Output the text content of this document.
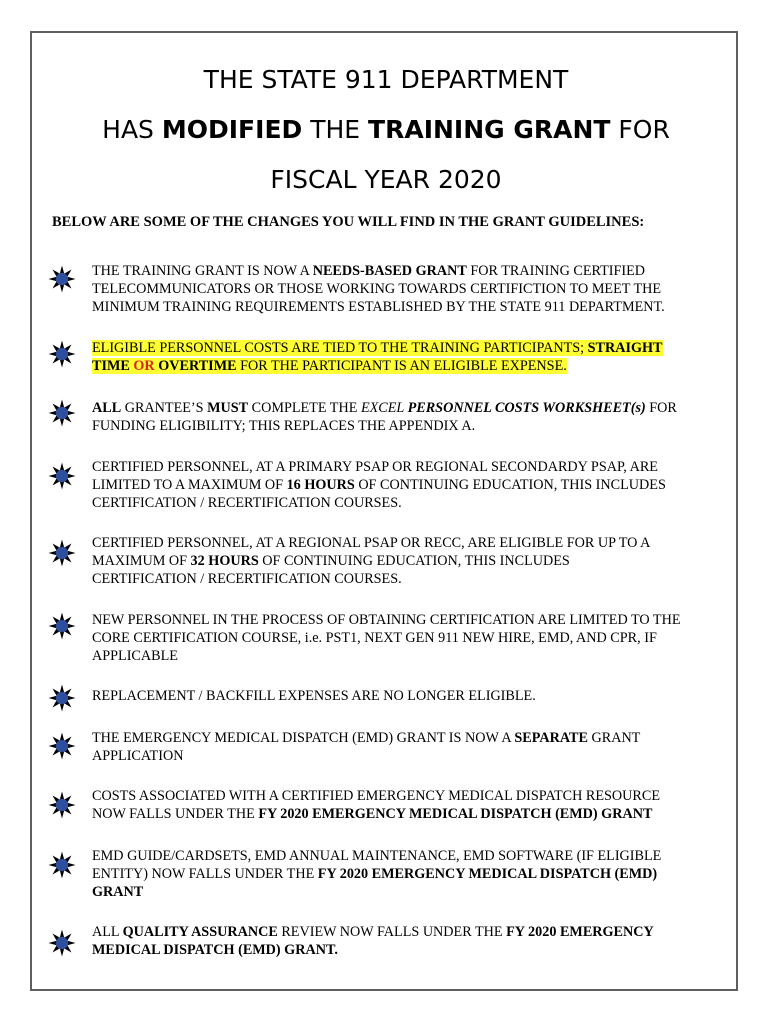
THE STATE 911 DEPARTMENT
HAS MODIFIED THE TRAINING GRANT FOR
FISCAL YEAR 2020

BELOW ARE SOME OF THE CHANGES YOU WILL FIND IN THE GRANT GUIDELINES:

THE TRAINING GRANT IS NOW A NEEDS-BASED GRANT FOR TRAINING CERTIFIED
TELECOMMUNICATORS OR THOSE WORKING TOWARDS CERTIFICTION TO MEET THE
MINIMUM TRAINING REQUIREMENTS ESTABLISHED BY THE STATE 911 DEPARTMENT.

ELIGIBLE PERSONNEL COSTS ARE TIED TO THE TRAINING PARTICIPANTS; STRAIGHT
TIME OR OVERTIME FOR THE PARTICIPANT IS AN ELIGIBLE EXPENSE.

ALL GRANTEE’S MUST COMPLETE THE EXCEL PERSONNEL COSTS WORKSHEET(s) FOR
FUNDING ELIGIBILITY; THIS REPLACES THE APPENDIX A.

CERTIFIED PERSONNEL, AT A PRIMARY PSAP OR REGIONAL SECONDARDY PSAP, ARE
LIMITED TO A MAXIMUM OF 16 HOURS OF CONTINUING EDUCATION, THIS INCLUDES
CERTIFICATION / RECERTIFICATION COURSES.

CERTIFIED PERSONNEL, AT A REGIONAL PSAP OR RECC, ARE ELIGIBLE FOR UP TO A
MAXIMUM OF 32 HOURS OF CONTINUING EDUCATION, THIS INCLUDES
CERTIFICATION / RECERTIFICATION COURSES.

NEW PERSONNEL IN THE PROCESS OF OBTAINING CERTIFICATION ARE LIMITED TO THE
CORE CERTIFICATION COURSE, i.e. PST1, NEXT GEN 911 NEW HIRE, EMD, AND CPR, IF
APPLICABLE

REPLACEMENT / BACKFILL EXPENSES ARE NO LONGER ELIGIBLE.

THE EMERGENCY MEDICAL DISPATCH (EMD) GRANT IS NOW A SEPARATE GRANT
APPLICATION

COSTS ASSOCIATED WITH A CERTIFIED EMERGENCY MEDICAL DISPATCH RESOURCE
NOW FALLS UNDER THE FY 2020 EMERGENCY MEDICAL DISPATCH (EMD) GRANT

EMD GUIDE/CARDSETS, EMD ANNUAL MAINTENANCE, EMD SOFTWARE (IF ELIGIBLE
ENTITY) NOW FALLS UNDER THE FY 2020 EMERGENCY MEDICAL DISPATCH (EMD)
GRANT

ALL QUALITY ASSURANCE REVIEW NOW FALLS UNDER THE FY 2020 EMERGENCY
MEDICAL DISPATCH (EMD) GRANT.
